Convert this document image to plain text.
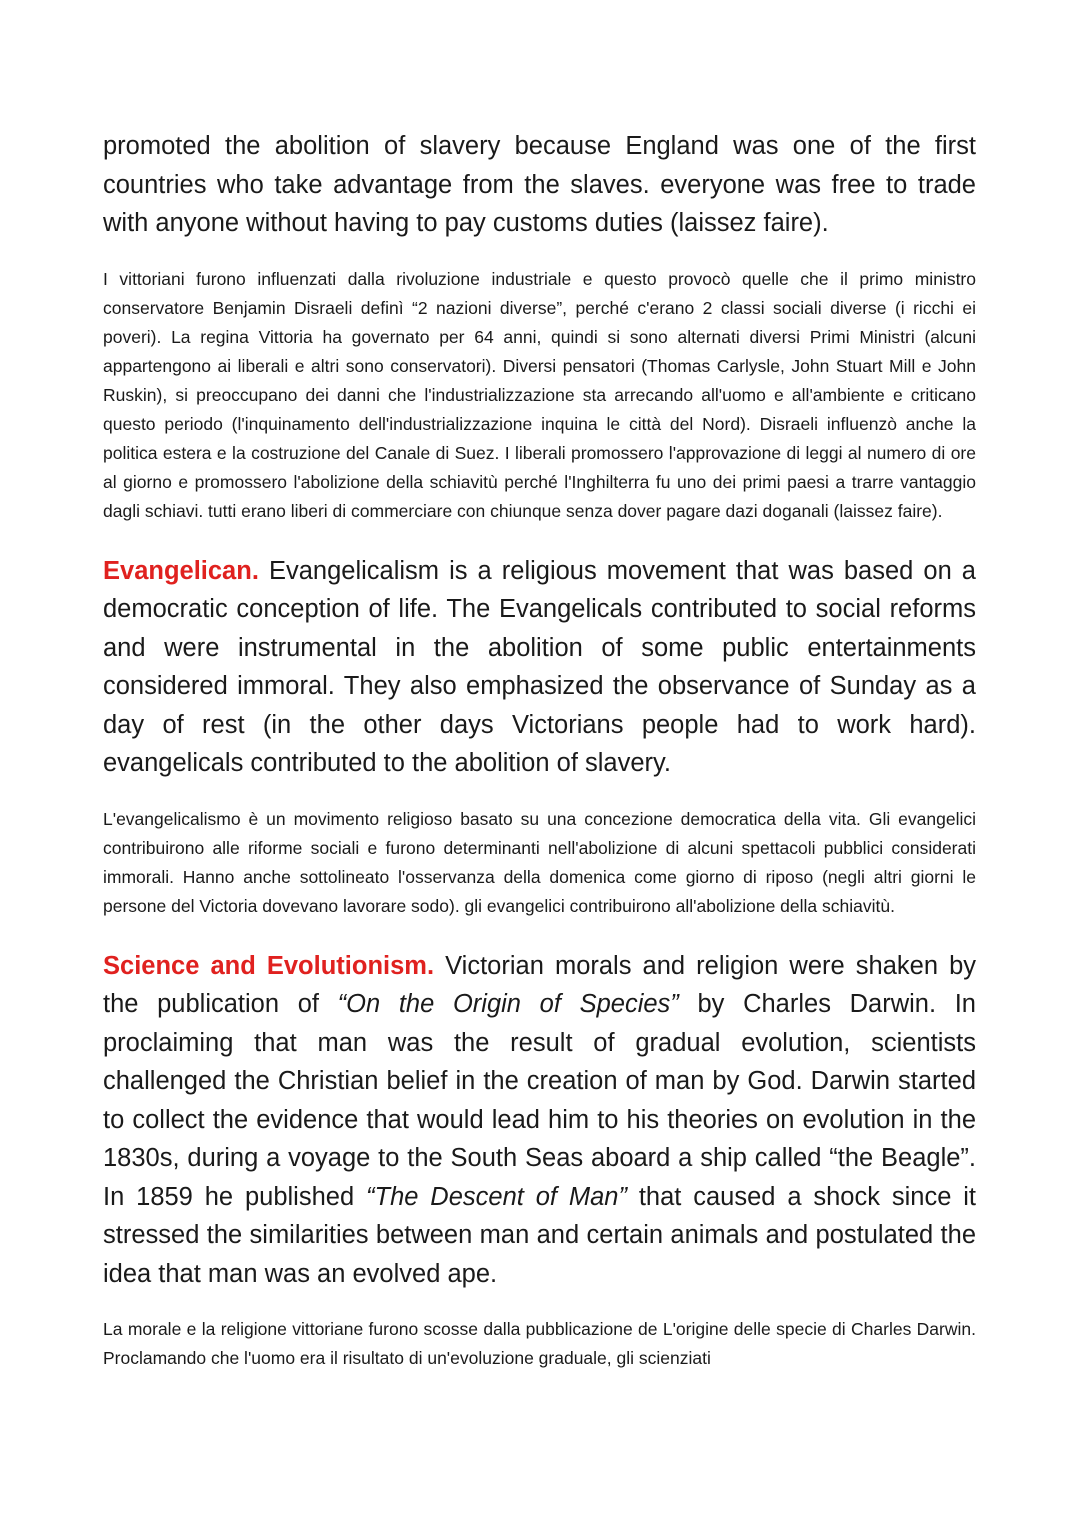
promoted the abolition of slavery because England was one of the first countries who take advantage from the slaves. everyone was free to trade with anyone without having to pay customs duties (laissez faire).

I vittoriani furono influenzati dalla rivoluzione industriale e questo provocò quelle che il primo ministro conservatore Benjamin Disraeli definì “2 nazioni diverse”, perché c'erano 2 classi sociali diverse (i ricchi ei poveri). La regina Vittoria ha governato per 64 anni, quindi si sono alternati diversi Primi Ministri (alcuni appartengono ai liberali e altri sono conservatori). Diversi pensatori (Thomas Carlysle, John Stuart Mill e John Ruskin), si preoccupano dei danni che l'industrializzazione sta arrecando all'uomo e all'ambiente e criticano questo periodo (l'inquinamento dell'industrializzazione inquina le città del Nord). Disraeli influenzò anche la politica estera e la costruzione del Canale di Suez. I liberali promossero l'approvazione di leggi al numero di ore al giorno e promossero l'abolizione della schiavitù perché l'Inghilterra fu uno dei primi paesi a trarre vantaggio dagli schiavi. tutti erano liberi di commerciare con chiunque senza dover pagare dazi doganali (laissez faire).

Evangelican. Evangelicalism is a religious movement that was based on a democratic conception of life. The Evangelicals contributed to social reforms and were instrumental in the abolition of some public entertainments considered immoral. They also emphasized the observance of Sunday as a day of rest (in the other days Victorians people had to work hard). evangelicals contributed to the abolition of slavery.

L'evangelicalismo è un movimento religioso basato su una concezione democratica della vita. Gli evangelici contribuirono alle riforme sociali e furono determinanti nell'abolizione di alcuni spettacoli pubblici considerati immorali. Hanno anche sottolineato l'osservanza della domenica come giorno di riposo (negli altri giorni le persone del Victoria dovevano lavorare sodo). gli evangelici contribuirono all'abolizione della schiavitù.

Science and Evolutionism. Victorian morals and religion were shaken by the publication of “On the Origin of Species” by Charles Darwin. In proclaiming that man was the result of gradual evolution, scientists challenged the Christian belief in the creation of man by God. Darwin started to collect the evidence that would lead him to his theories on evolution in the 1830s, during a voyage to the South Seas aboard a ship called “the Beagle”. In 1859 he published “The Descent of Man” that caused a shock since it stressed the similarities between man and certain animals and postulated the idea that man was an evolved ape.

La morale e la religione vittoriane furono scosse dalla pubblicazione de L'origine delle specie di Charles Darwin. Proclamando che l'uomo era il risultato di un'evoluzione graduale, gli scienziati
